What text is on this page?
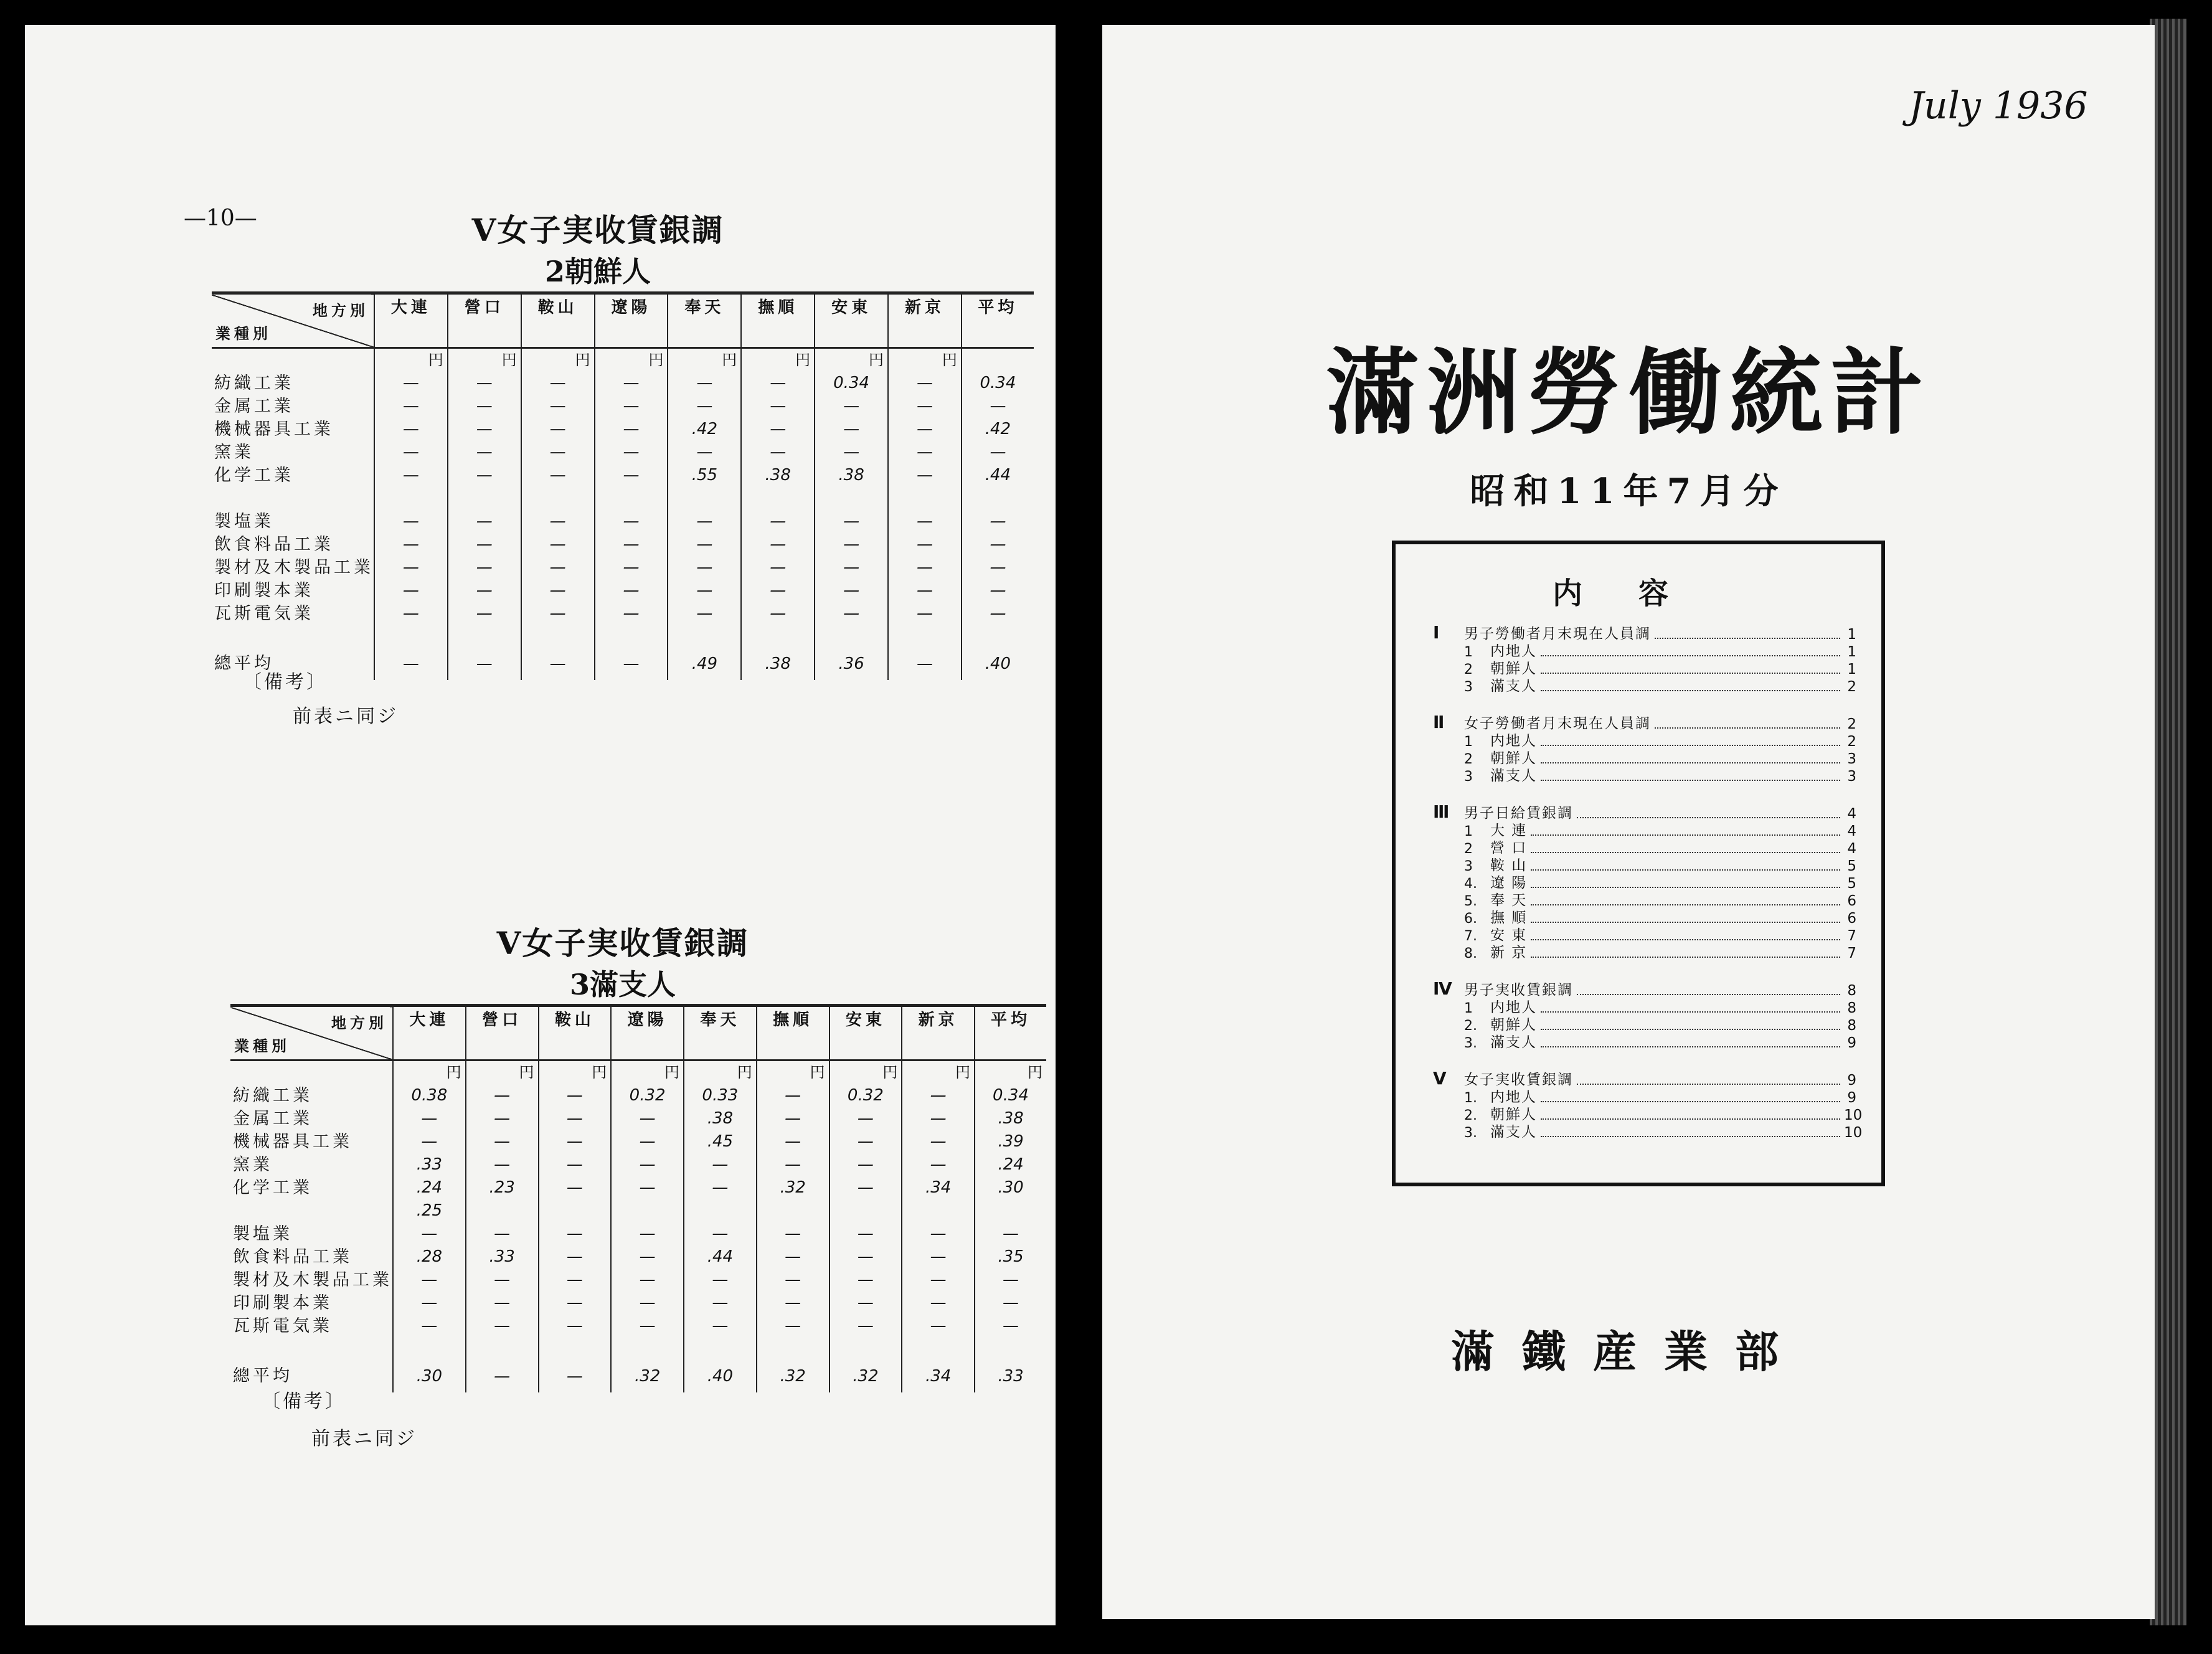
—10—	Ⅴ女子実收賃銀調
2朝鮮人
地方別
業種別	大連	營口	鞍山	遼陽	奉天	撫順	安東	新京	平均
	円	円	円	円	円	円	円	円	
紡織工業	—	—	—	—	—	—	0.34	—	0.34
金属工業	—	—	—	—	—	—	—	—	—
機械器具工業	—	—	—	—	.42	—	—	—	.42
窯業	—	—	—	—	—	—	—	—	—
化学工業	—	—	—	—	.55	.38	.38	—	.44

製塩業	—	—	—	—	—	—	—	—	—
飲食料品工業	—	—	—	—	—	—	—	—	—
製材及木製品工業	—	—	—	—	—	—	—	—	—
印刷製本業	—	—	—	—	—	—	—	—	—
瓦斯電気業	—	—	—	—	—	—	—	—	—

總平均	—	—	—	—	.49	.38	.36	—	.40
〔備考〕
前表ニ同ジ
Ⅴ女子実收賃銀調
3滿支人
地方別
業種別	大連	營口	鞍山	遼陽	奉天	撫順	安東	新京	平均
	円	円	円	円	円	円	円	円	円
紡織工業	0.38	—	—	0.32	0.33	—	0.32	—	0.34
金属工業	—	—	—	—	.38	—	—	—	.38
機械器具工業	—	—	—	—	.45	—	—	—	.39
窯業	.33	—	—	—	—	—	—	—	.24
化学工業	.24	.23	—	—	—	.32	—	.34	.30
	.25								
製塩業	—	—	—	—	—	—	—	—	—
飲食料品工業	.28	.33	—	—	.44	—	—	—	.35
製材及木製品工業	—	—	—	—	—	—	—	—	—
印刷製本業	—	—	—	—	—	—	—	—	—
瓦斯電気業	—	—	—	—	—	—	—	—	—

總平均	.30	—	—	.32	.40	.32	.32	.34	.33
〔備考〕
前表ニ同ジ
July 1936
滿洲勞働統計
昭和11年7月分
内容
Ⅰ	男子勞働者月末現在人員調	1
1	内地人	1
2	朝鮮人	1
3	滿支人	2
Ⅱ	女子勞働者月末現在人員調	2
1	内地人	2
2	朝鮮人	3
3	滿支人	3
Ⅲ	男子日給賃銀調	4
1	大 連	4
2	營 口	4
3	鞍 山	5
4. 遼 陽	5
5. 奉 天	6
6. 撫 順	6
7. 安 東	7
8. 新 京	7
Ⅳ 男子実收賃銀調	8
1	内地人	8
2. 朝鮮人	8
3. 滿支人	9
Ⅴ	女子実收賃銀調	9
1. 内地人	9
2. 朝鮮人	10
3. 滿支人	10
滿鐵産業部
